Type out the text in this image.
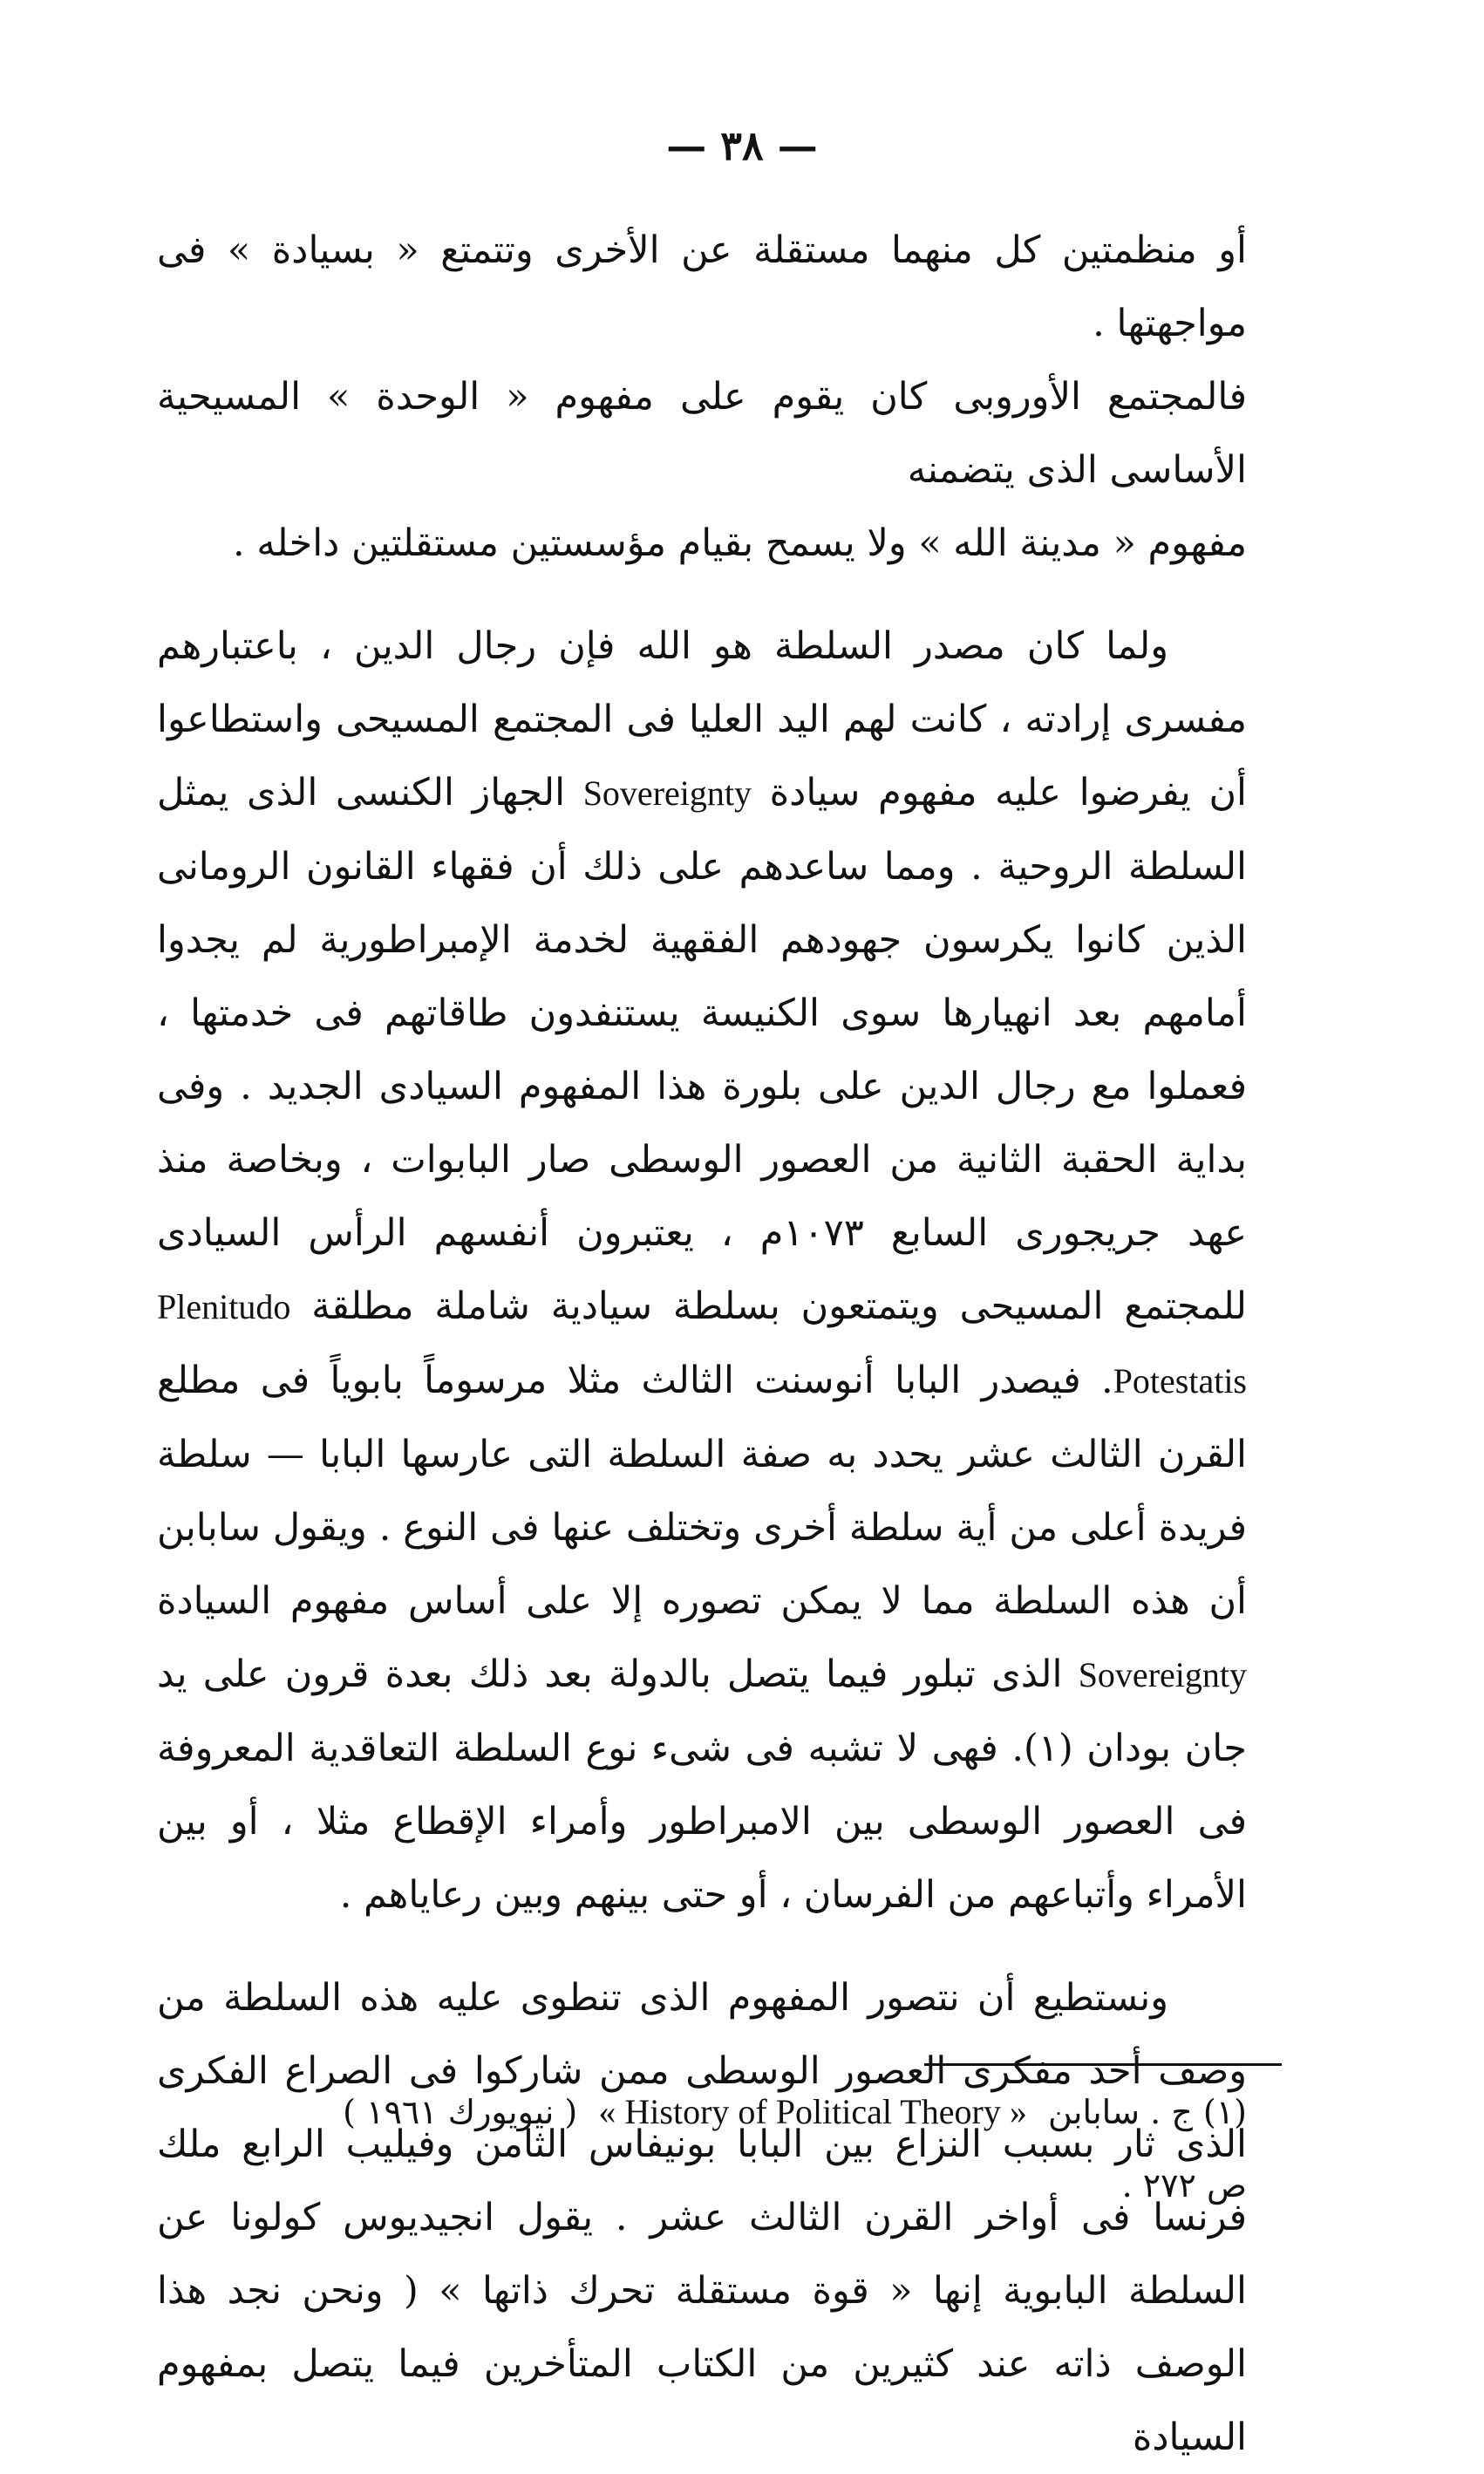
— ٣٨ —

أو منظمتين كل منهما مستقلة عن الأخرى وتتمتع « بسيادة » فى مواجهتها .

فالمجتمع الأوروبى كان يقوم على مفهوم « الوحدة » المسيحية الأساسى الذى يتضمنه

مفهوم « مدينة الله » ولا يسمح بقيام مؤسستين مستقلتين داخله .

ولما كان مصدر السلطة هو الله فإن رجال الدين ، باعتبارهم مفسرى إرادته ، كانت لهم اليد العليا فى المجتمع المسيحى واستطاعوا أن يفرضوا عليه مفهوم سيادة Sovereignty الجهاز الكنسى الذى يمثل السلطة الروحية . ومما ساعدهم على ذلك أن فقهاء القانون الرومانى الذين كانوا يكرسون جهودهم الفقهية لخدمة الإمبراطورية لم يجدوا أمامهم بعد انهيارها سوى الكنيسة يستنفدون طاقاتهم فى خدمتها ، فعملوا مع رجال الدين على بلورة هذا المفهوم السيادى الجديد . وفى بداية الحقبة الثانية من العصور الوسطى صار البابوات ، وبخاصة منذ عهد جريجورى السابع ١٠٧٣م ، يعتبرون أنفسهم الرأس السيادى للمجتمع المسيحى ويتمتعون بسلطة سيادية شاملة مطلقة Plenitudo Potestatis. فيصدر البابا أنوسنت الثالث مثلا مرسوماً بابوياً فى مطلع القرن الثالث عشر يحدد به صفة السلطة التى عارسها البابا — سلطة فريدة أعلى من أية سلطة أخرى وتختلف عنها فى النوع . ويقول سابابن أن هذه السلطة مما لا يمكن تصوره إلا على أساس مفهوم السيادة Sovereignty الذى تبلور فيما يتصل بالدولة بعد ذلك بعدة قرون على يد جان بودان (١). فهى لا تشبه فى شىء نوع السلطة التعاقدية المعروفة فى العصور الوسطى بين الامبراطور وأمراء الإقطاع مثلا ، أو بين الأمراء وأتباعهم من الفرسان ، أو حتى بينهم وبين رعاياهم .

ونستطيع أن نتصور المفهوم الذى تنطوى عليه هذه السلطة من وصف أحد مفكرى العصور الوسطى ممن شاركوا فى الصراع الفكرى الذى ثار بسبب النزاع بين البابا بونيفاس الثامن وفيليب الرابع ملك فرنسا فى أواخر القرن الثالث عشر . يقول انجيديوس كولونا عن السلطة البابوية إنها « قوة مستقلة تحرك ذاتها » ( ونحن نجد هذا الوصف ذاته عند كثيرين من الكتاب المتأخرين فيما يتصل بمفهوم السيادة

(١) ج . سابابن  « History of Political Theory »  ( نيويورك ١٩٦١ )

ص ٢٧٢ .
